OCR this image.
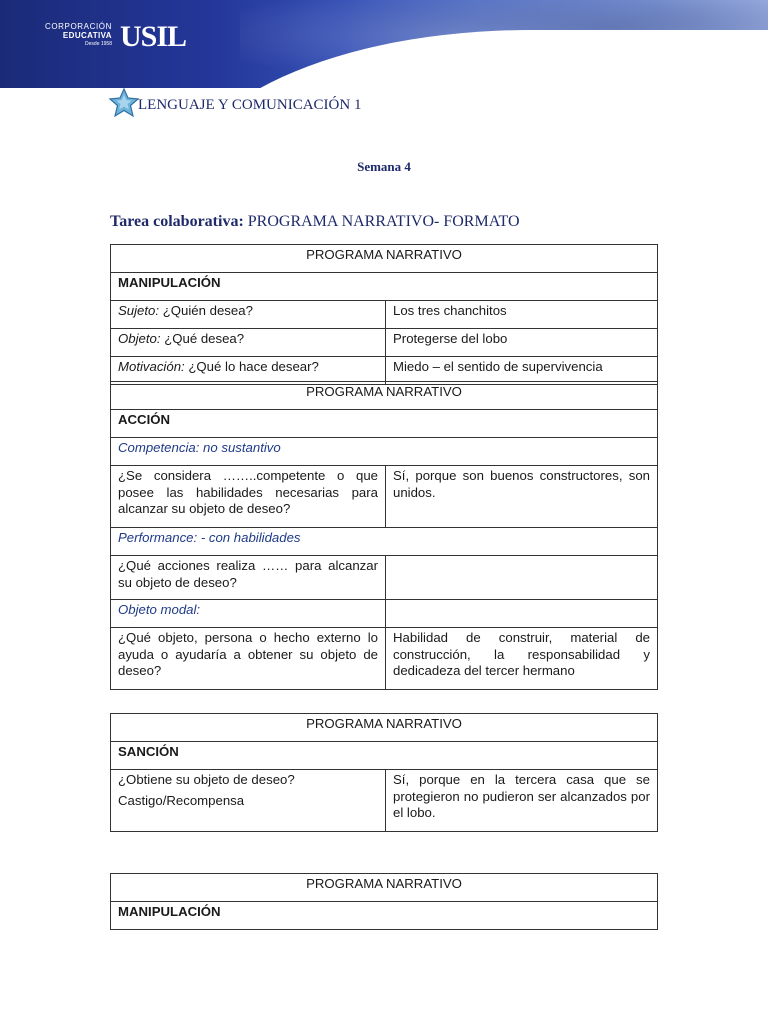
CORPORACIÓN
EDUCATIVA
Desde 1958 USIL
LENGUAJE Y COMUNICACIÓN 1
Semana 4
Tarea colaborativa: PROGRAMA NARRATIVO- FORMATO
PROGRAMA NARRATIVO	
MANIPULACIÓN	
Sujeto: ¿Quién desea?	Los tres chanchitos
Objeto: ¿Qué desea?	Protegerse del lobo
Motivación: ¿Qué lo hace desear?	Miedo – el sentido de supervivencia
PROGRAMA NARRATIVO	
ACCIÓN	
Competencia: no sustantivo	
¿Se considera ……..competente o que posee las habilidades necesarias para alcanzar su objeto de deseo?	Sí, porque son buenos constructores, son unidos.
Performance: - con habilidades	
¿Qué acciones realiza …… para alcanzar su objeto de deseo?	
Objeto modal:	
¿Qué objeto, persona o hecho externo lo ayuda o ayudaría a obtener su objeto de deseo?	Habilidad de construir, material de construcción, la responsabilidad y dedicadeza del tercer hermano
PROGRAMA NARRATIVO
SANCIÓN

¿Obtiene su objeto de deseo?
Castigo/Recompensa
	Sí, porque en la tercera casa que se protegieron no pudieron ser alcanzados por el lobo.
PROGRAMA NARRATIVO
MANIPULACIÓN
